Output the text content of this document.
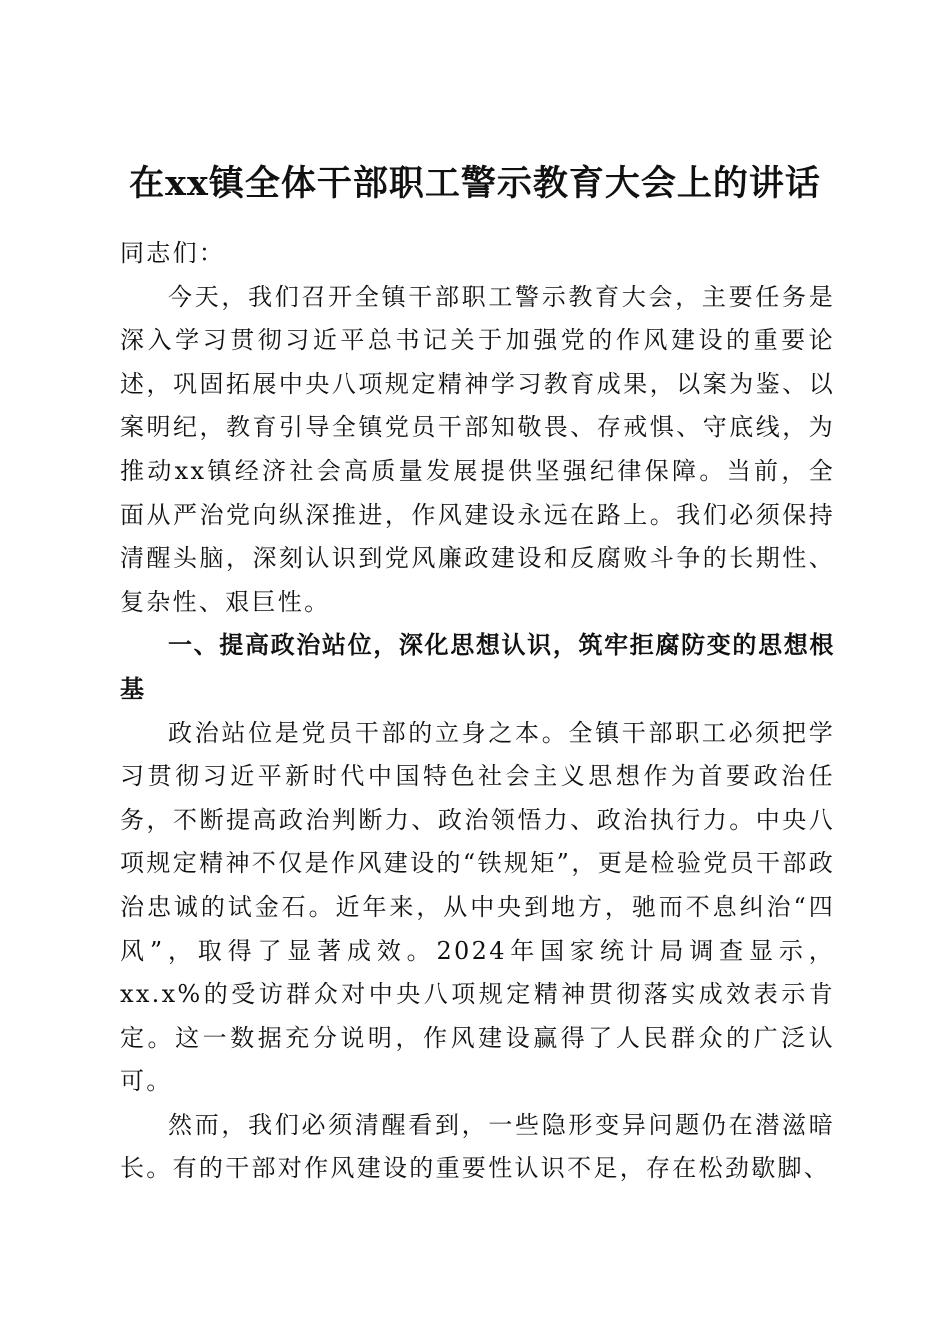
在xx镇全体干部职工警示教育大会上的讲话

同志们：

今天，我们召开全镇干部职工警示教育大会，主要任务是深入学习贯彻习近平总书记关于加强党的作风建设的重要论述，巩固拓展中央八项规定精神学习教育成果，以案为鉴、以案明纪，教育引导全镇党员干部知敬畏、存戒惧、守底线，为推动xx镇经济社会高质量发展提供坚强纪律保障。当前，全面从严治党向纵深推进，作风建设永远在路上。我们必须保持清醒头脑，深刻认识到党风廉政建设和反腐败斗争的长期性、复杂性、艰巨性。

一、提高政治站位，深化思想认识，筑牢拒腐防变的思想根基

政治站位是党员干部的立身之本。全镇干部职工必须把学习贯彻习近平新时代中国特色社会主义思想作为首要政治任务，不断提高政治判断力、政治领悟力、政治执行力。中央八项规定精神不仅是作风建设的“铁规矩”，更是检验党员干部政治忠诚的试金石。近年来，从中央到地方，驰而不息纠治“四风”，取得了显著成效。2024年国家统计局调查显示，xx.x%的受访群众对中央八项规定精神贯彻落实成效表示肯定。这一数据充分说明，作风建设赢得了人民群众的广泛认可。

然而，我们必须清醒看到，一些隐形变异问题仍在潜滋暗长。有的干部对作风建设的重要性认识不足，存在松劲歇脚、
